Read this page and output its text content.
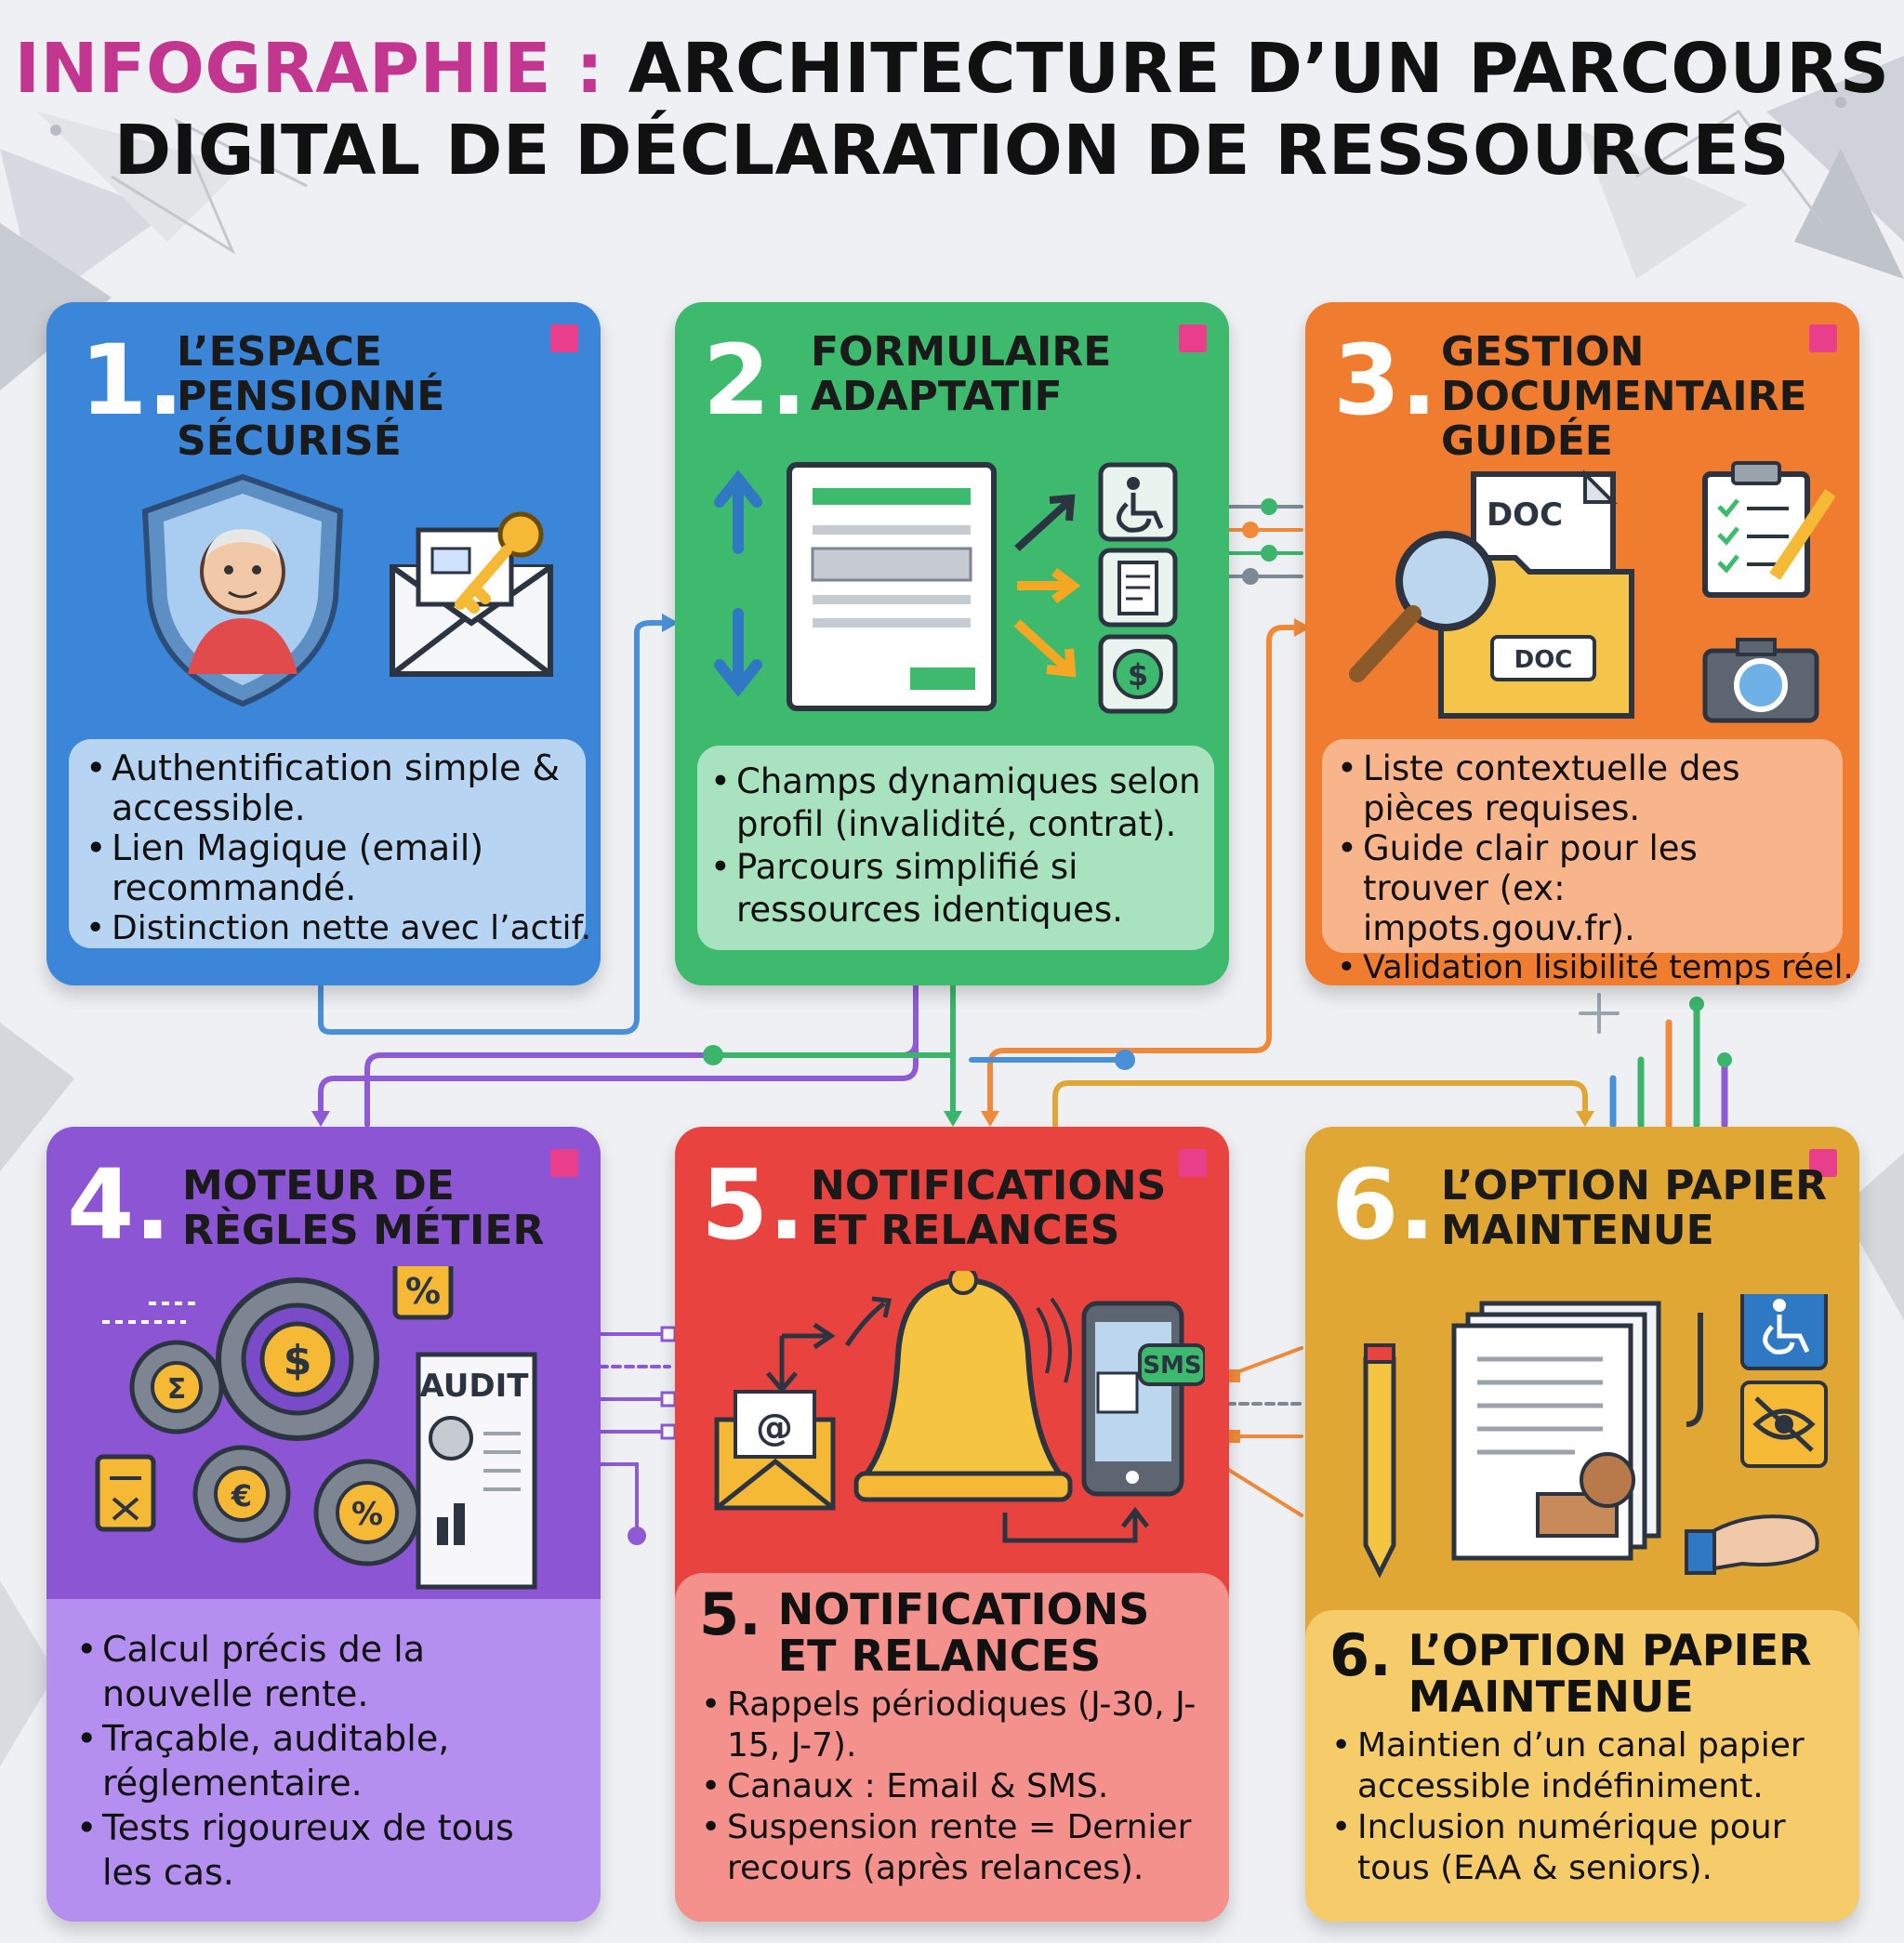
INFOGRAPHIE : ARCHITECTURE D’UN PARCOURS
DIGITAL DE DÉCLARATION DE RESSOURCES
1.
L’ESPACE
PENSIONNÉ
SÉCURISÉ
• Authentification simple & accessible.
• Lien Magique (email) recommandé.
• Distinction nette avec l’actif.
2. FORMULAIRE
ADAPTATIF
$
• Champs dynamiques selon profil (invalidité, contrat).
• Parcours simplifié si ressources identiques.
3. GESTION
DOCUMENTAIRE
GUIDÉE
DOC
DOC
• Liste contextuelle des pièces requises.
• Guide clair pour les trouver (ex: impots.gouv.fr).
• Validation lisibilité temps réel.
4. MOTEUR DE
RÈGLES MÉTIER
$
Σ
€	%
%
AUDIT
• Calcul précis de la nouvelle rente.
• Traçable, auditable, réglementaire.
• Tests rigoureux de tous les cas.
5. NOTIFICATIONS
ET RELANCES
@
SMS
5. NOTIFICATIONS
ET RELANCES
• Rappels périodiques (J-30, J-15, J-7).
• Canaux : Email & SMS.
• Suspension rente = Dernier recours (après relances).
6. L’OPTION PAPIER
MAINTENUE
6. L’OPTION PAPIER
MAINTENUE
• Maintien d’un canal papier accessible indéfiniment.
• Inclusion numérique pour tous (EAA & seniors).
